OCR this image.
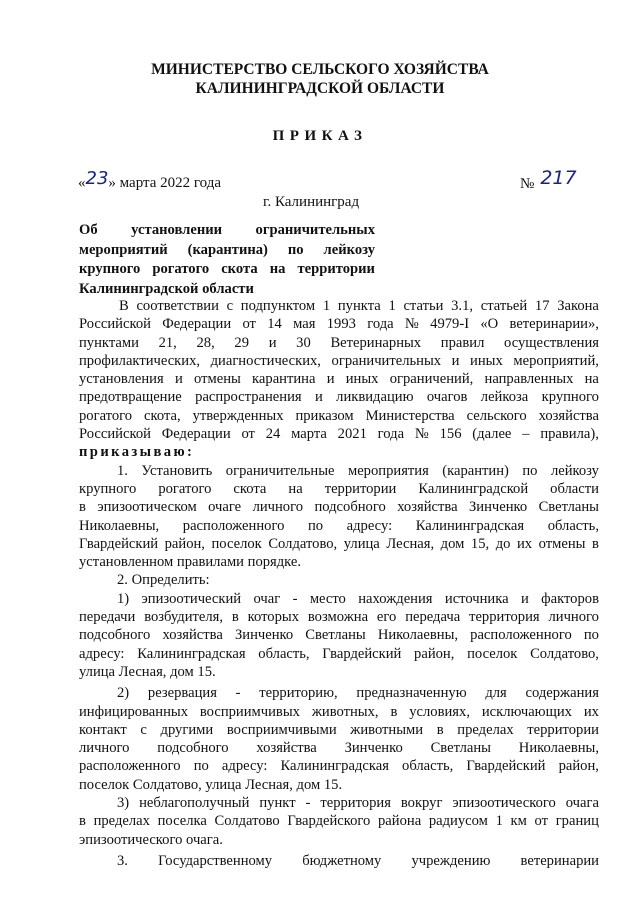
МИНИСТЕРСТВО СЕЛЬСКОГО ХОЗЯЙСТВА
КАЛИНИНГРАДСКОЙ ОБЛАСТИ
ПРИКАЗ
«23» марта 2022 года	№ 217
г. Калининград
Об установлении ограничительных
мероприятий (карантина) по лейкозу
крупного рогатого скота на территории
Калининградской области
В соответствии с подпунктом 1 пункта 1 статьи 3.1, статьей 17 Закона
Российской Федерации от 14 мая 1993 года № 4979-I «О ветеринарии»,
пунктами 21, 28, 29 и 30 Ветеринарных правил осуществления
профилактических, диагностических, ограничительных и иных мероприятий,
установления и отмены карантина и иных ограничений, направленных на
предотвращение распространения и ликвидацию очагов лейкоза крупного
рогатого скота, утвержденных приказом Министерства сельского хозяйства
Российской Федерации от 24 марта 2021 года № 156 (далее – правила),
приказываю:
1. Установить ограничительные мероприятия (карантин) по лейкозу
крупного рогатого скота на территории Калининградской области
в эпизоотическом очаге личного подсобного хозяйства Зинченко Светланы
Николаевны, расположенного по адресу: Калининградская область,
Гвардейский район, поселок Солдатово, улица Лесная, дом 15, до их отмены в
установленном правилами порядке.
2. Определить:
1) эпизоотический очаг - место нахождения источника и факторов
передачи возбудителя, в которых возможна его передача территория личного
подсобного хозяйства Зинченко Светланы Николаевны, расположенного по
адресу: Калининградская область, Гвардейский район, поселок Солдатово,
улица Лесная, дом 15.
2) резервация - территорию, предназначенную для содержания
инфицированных восприимчивых животных, в условиях, исключающих их
контакт с другими восприимчивыми животными в пределах территории
личного подсобного хозяйства Зинченко Светланы Николаевны,
расположенного по адресу: Калининградская область, Гвардейский район,
поселок Солдатово, улица Лесная, дом 15.
3) неблагополучный пункт - территория вокруг эпизоотического очага
в пределах поселка Солдатово Гвардейского района радиусом 1 км от границ
эпизоотического очага.
3. Государственному бюджетному учреждению ветеринарии
